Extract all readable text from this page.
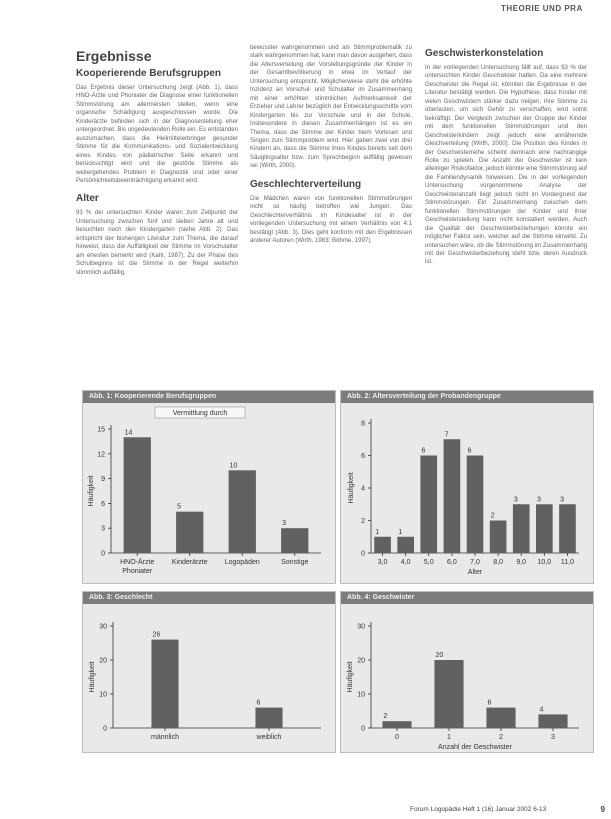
THEORIE UND PRA
Ergebnisse
Kooperierende Berufsgruppen

Das Ergebnis dieser Untersuchung zeigt (Abb. 1), dass HNO-Ärzte und Phoniater die Diagnose einer funktionellen Stimmstörung am allermeisten stellen, wenn eine organische Schädigung ausgeschlossen wurde. Die Kinderärzte befinden sich in der Diagnosestellung eher untergeordnet. Bis ungedeutenden Rolle ein. Es entstanden auszumachen, dass die Heilmittelerbringer gesunder Stimme für die Kommunikations- und Sozialentwicklung eines Kindes von pädiatrischer Seite erkannt und berücksichtigt wird und die gestörte Stimme als weitergehendes Problem in Diagnostik und oder einer Persönlichkeitsbeeinträchtigung erkannt wird.

Alter

93 % der untersuchten Kinder waren zum Zeitpunkt der Untersuchung zwischen fünf und sieben Jahre alt und besuchten noch den Kindergarten (siehe Abb. 2). Das entspricht der bisherigen Literatur zum Thema, die darauf hinweist, dass die Auffälligkeit der Stimme im Vorschulalter am ehesten bemerkt wird (Kahl, 1987). Zu der Phase des Schulbeginns ist die Stimme in der Regel weiterhin stimmlich auffällig.

bewusster wahrgenommen und als Stimmproblematik zu stark wahrgenommen hat, kann man davon ausgehen, dass die Altersverteilung der Vorstellungsgründe der Kinder in der Gesamtbevölkerung in etwa im Verlauf der Untersuchung entspricht. Möglicherweise steht die erhöhte Inzidenz an Vorschul- und Schulalter im Zusammenhang mit einer erhöhten stimmlichen Aufmerksamkeit der Erzieher und Lehrer bezüglich der Entwicklungsschritte vom Kindergarten bis zur Vorschule und in der Schule. Insbesondere in diesen Zusammenhängen ist es ein Thema, dass die Stimme der Kinder beim Vorlesen und Singen zum Stimmproblem wird. Hier gaben zwei von drei Kindern an, dass die Stimme ihres Kindes bereits seit dem Säuglingsalter bzw. zum Sprechbeginn auffällig gewesen sei (Wirth, 2000).

Geschlechterverteilung

Die Mädchen waren von funktionellen Stimmstörungen nicht so häufig betroffen wie Jungen. Das Geschlechterverhältnis im Kindesalter ist in der vorliegenden Untersuchung mit einem Verhältnis von 4:1 bestätigt (Abb. 3). Dies geht konform mit den Ergebnissen anderer Autoren (Wirth, 1983; Böhme, 1997).

Geschwisterkonstelation

In der vorliegenden Untersuchung fällt auf, dass 93 % der untersuchten Kinder Geschwister hatten. Da eine mehrere Geschwister die Regel ist, könnten die Ergebnisse in der Literatur bestätigt werden. Die Hypothese, dass Kinder mit vielen Geschwistern stärker dazu neigen, ihre Stimme zu überlasten, um sich Gehör zu verschaffen, wird somit bekräftigt. Der Vergleich zwischen der Gruppe der Kinder mit dem funktionellen Stimmstörungen und den Geschwisterkindern zeigt jedoch eine annähernde Gleichverteilung (Wirth, 2000). Die Position des Kindes in der Geschwisterreihe scheint demnach eine nachrangige Rolle zu spielen. Die Anzahl der Geschwister ist kein alleiniger Risikofaktor, jedoch könnte eine Stimmstörung auf die Familiendynamik hinweisen. Die in der vorliegenden Untersuchung vorgenommene Analyse der Geschwisteranzahl liegt jedoch nicht im Vordergrund der Stimmstörungen. Ein Zusammenhang zwischen dem funktionellen Stimmstörungen der Kinder und ihrer Geschwisterstellung kann nicht konstatiert werden. Auch die Qualität der Geschwisterbeziehungen könnte ein möglicher Faktor sein, welcher auf die Stimme einwirkt. Zu untersuchen wäre, ob die Stimmstörung im Zusammenhang mit der Geschwisterbeziehung steht bzw. deren Ausdruck ist.

Abb. 1: Kooperierende Berufsgruppen
Vermittlung durch
15
12
9
6
3
0
Häufigkeit
14
HNO-Ärzte
Phoniater
5
Kinderärzte
10
Logopäden
3
Sonstige
Abb. 2: Altersverteilung der Probandengruppe
8
6
4
2
0
Häufigkeit
1
3,0
1
4,0
6
5,0
7
6,0
6
7,0
2
8,0
3
9,0
3
10,0
3
11,0
Alter
Abb. 3: Geschlecht
30
20
10
0
Häufigkeit
26
männlich
6
weiblich
Abb. 4: Geschwister
30
20
10
0
Häufigkeit
2
0
20
1
6
2
4
3
Anzahl der Geschwister
Forum Logopädie Heft 1 (16) Januar 2002 6-13	9
